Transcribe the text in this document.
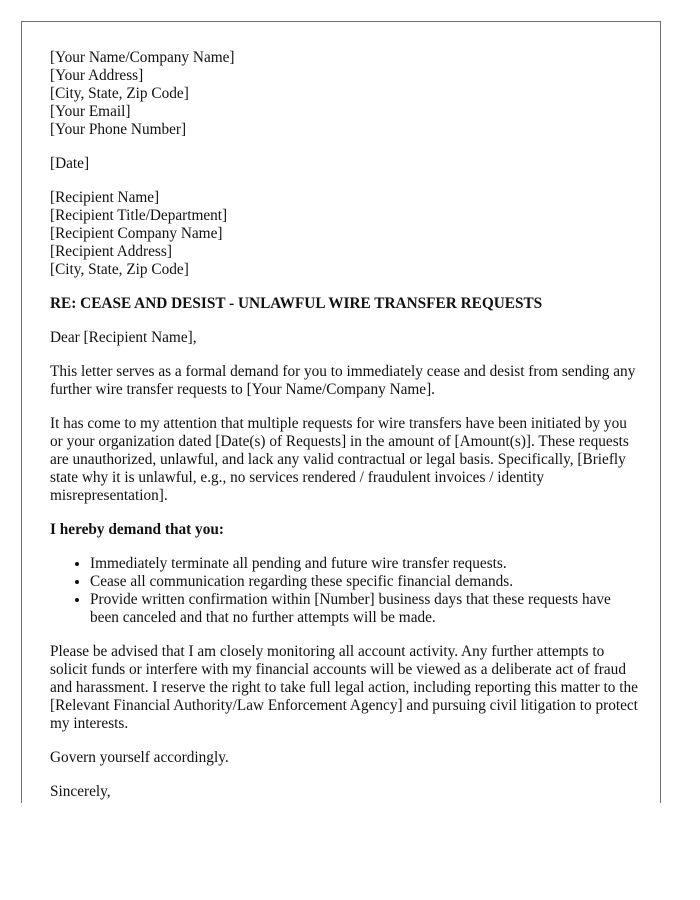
[Your Name/Company Name]
[Your Address]
[City, State, Zip Code]
[Your Email]
[Your Phone Number]
[Date]
[Recipient Name]
[Recipient Title/Department]
[Recipient Company Name]
[Recipient Address]
[City, State, Zip Code]
RE: CEASE AND DESIST - UNLAWFUL WIRE TRANSFER REQUESTS

Dear [Recipient Name],

This letter serves as a formal demand for you to immediately cease and desist from sending any further wire transfer requests to [Your Name/Company Name].

It has come to my attention that multiple requests for wire transfers have been initiated by you or your organization dated [Date(s) of Requests] in the amount of [Amount(s)]. These requests are unauthorized, unlawful, and lack any valid contractual or legal basis. Specifically, [Briefly state why it is unlawful, e.g., no services rendered / fraudulent invoices / identity misrepresentation].

I hereby demand that you:

• Immediately terminate all pending and future wire transfer requests.
• Cease all communication regarding these specific financial demands.
• Provide written confirmation within [Number] business days that these requests have been canceled and that no further attempts will be made.

Please be advised that I am closely monitoring all account activity. Any further attempts to solicit funds or interfere with my financial accounts will be viewed as a deliberate act of fraud and harassment. I reserve the right to take full legal action, including reporting this matter to the [Relevant Financial Authority/Law Enforcement Agency] and pursuing civil litigation to protect my interests.

Govern yourself accordingly.

Sincerely,
